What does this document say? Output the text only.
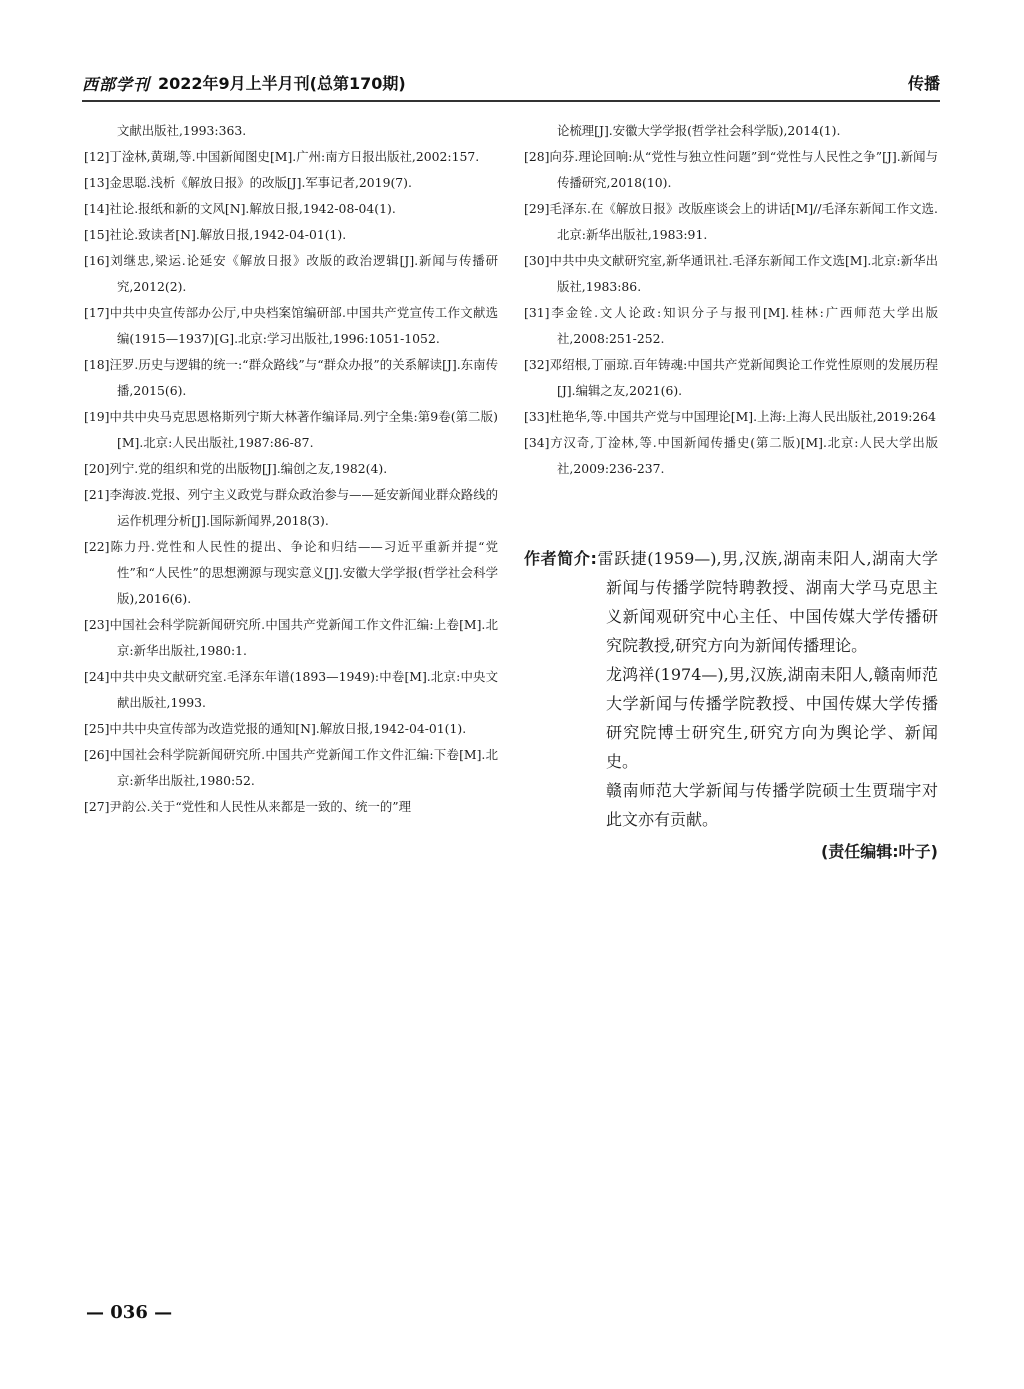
西部学刊 2022年9月上半月刊(总第170期)	传播
文献出版社,1993:363.
[12]丁淦林,黄瑚,等.中国新闻图史[M].广州:南方日报出版社,2002:157.
[13]金思聪.浅析《解放日报》的改版[J].军事记者,2019(7).
[14]社论.报纸和新的文风[N].解放日报,1942-08-04(1).
[15]社论.致读者[N].解放日报,1942-04-01(1).
[16]刘继忠,梁运.论延安《解放日报》改版的政治逻辑[J].新闻与传播研究,2012(2).
[17]中共中央宣传部办公厅,中央档案馆编研部.中国共产党宣传工作文献选编(1915—1937)[G].北京:学习出版社,1996:1051-1052.
[18]汪罗.历史与逻辑的统一:“群众路线”与“群众办报”的关系解读[J].东南传播,2015(6).
[19]中共中央马克思恩格斯列宁斯大林著作编译局.列宁全集:第9卷(第二版)[M].北京:人民出版社,1987:86-87.
[20]列宁.党的组织和党的出版物[J].编创之友,1982(4).
[21]李海波.党报、列宁主义政党与群众政治参与——延安新闻业群众路线的运作机理分析[J].国际新闻界,2018(3).
[22]陈力丹.党性和人民性的提出、争论和归结——习近平重新并提“党性”和“人民性”的思想溯源与现实意义[J].安徽大学学报(哲学社会科学版),2016(6).
[23]中国社会科学院新闻研究所.中国共产党新闻工作文件汇编:上卷[M].北京:新华出版社,1980:1.
[24]中共中央文献研究室.毛泽东年谱(1893—1949):中卷[M].北京:中央文献出版社,1993.
[25]中共中央宣传部为改造党报的通知[N].解放日报,1942-04-01(1).
[26]中国社会科学院新闻研究所.中国共产党新闻工作文件汇编:下卷[M].北京:新华出版社,1980:52.
[27]尹韵公.关于“党性和人民性从来都是一致的、统一的”理
论梳理[J].安徽大学学报(哲学社会科学版),2014(1).
[28]向芬.理论回响:从“党性与独立性问题”到“党性与人民性之争”[J].新闻与传播研究,2018(10).
[29]毛泽东.在《解放日报》改版座谈会上的讲话[M]//毛泽东新闻工作文选.北京:新华出版社,1983:91.
[30]中共中央文献研究室,新华通讯社.毛泽东新闻工作文选[M].北京:新华出版社,1983:86.
[31]李金铨.文人论政:知识分子与报刊[M].桂林:广西师范大学出版社,2008:251-252.
[32]邓绍根,丁丽琼.百年铸魂:中国共产党新闻舆论工作党性原则的发展历程[J].编辑之友,2021(6).
[33]杜艳华,等.中国共产党与中国理论[M].上海:上海人民出版社,2019:264
[34]方汉奇,丁淦林,等.中国新闻传播史(第二版)[M].北京:人民大学出版社,2009:236-237.
作者简介:雷跃捷(1959—),男,汉族,湖南耒阳人,湖南大学新闻与传播学院特聘教授、湖南大学马克思主义新闻观研究中心主任、中国传媒大学传播研究院教授,研究方向为新闻传播理论。
龙鸿祥(1974—),男,汉族,湖南耒阳人,赣南师范大学新闻与传播学院教授、中国传媒大学传播研究院博士研究生,研究方向为舆论学、新闻史。
赣南师范大学新闻与传播学院硕士生贾瑞宇对此文亦有贡献。
(责任编辑:叶子)
— 036 —
